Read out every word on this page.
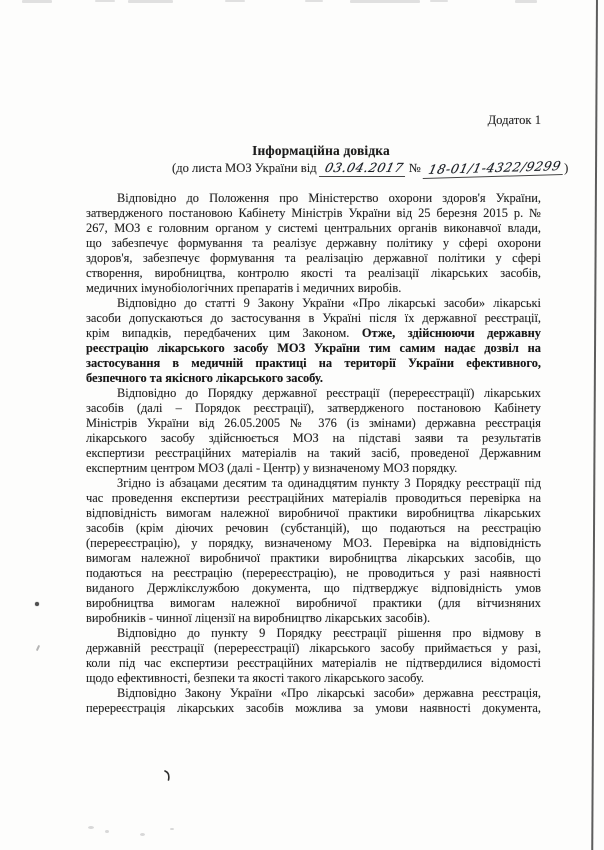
Додаток 1
Інформаційна довідка
(до листа МОЗ України від 03.04.2017 № 18-01/1-4322/9299 )
Відповідно до Положення про Міністерство охорони здоров'я України,
затвердженого постановою Кабінету Міністрів України від 25 березня 2015 р. №
267, МОЗ є головним органом у системі центральних органів виконавчої влади,
що забезпечує формування та реалізує державну політику у сфері охорони
здоров'я, забезпечує формування та реалізацію державної політики у сфері
створення, виробництва, контролю якості та реалізації лікарських засобів,
медичних імунобіологічних препаратів і медичних виробів.
Відповідно до статті 9 Закону України «Про лікарські засоби» лікарські
засоби допускаються до застосування в Україні після їх державної реєстрації,
крім випадків, передбачених цим Законом. Отже, здійснюючи державну
реєстрацію лікарського засобу МОЗ України тим самим надає дозвіл на
застосування в медичній практиці на території України ефективного,
безпечного та якісного лікарського засобу.
Відповідно до Порядку державної реєстрації (перереєстрації) лікарських
засобів (далі – Порядок реєстрації), затвердженого постановою Кабінету
Міністрів України від 26.05.2005 № 376 (із змінами) державна реєстрація
лікарського засобу здійснюється МОЗ на підставі заяви та результатів
експертизи реєстраційних матеріалів на такий засіб, проведеної Державним
експертним центром МОЗ (далі - Центр) у визначеному МОЗ порядку.
Згідно із абзацами десятим та одинадцятим пункту 3 Порядку реєстрації під
час проведення експертизи реєстраційних матеріалів проводиться перевірка на
відповідність вимогам належної виробничої практики виробництва лікарських
засобів (крім діючих речовин (субстанцій), що подаються на реєстрацію
(перереєстрацію), у порядку, визначеному МОЗ. Перевірка на відповідність
вимогам належної виробничої практики виробництва лікарських засобів, що
подаються на реєстрацію (перереєстрацію), не проводиться у разі наявності
виданого Держлікслужбою документа, що підтверджує відповідність умов
виробництва вимогам належної виробничої практики (для вітчизняних
виробників - чинної ліцензії на виробництво лікарських засобів).
Відповідно до пункту 9 Порядку реєстрації рішення про відмову в
державній реєстрації (перереєстрації) лікарського засобу приймається у разі,
коли під час експертизи реєстраційних матеріалів не підтвердилися відомості
щодо ефективності, безпеки та якості такого лікарського засобу.
Відповідно Закону України «Про лікарські засоби» державна реєстрація,
перереєстрація лікарських засобів можлива за умови наявності документа,
